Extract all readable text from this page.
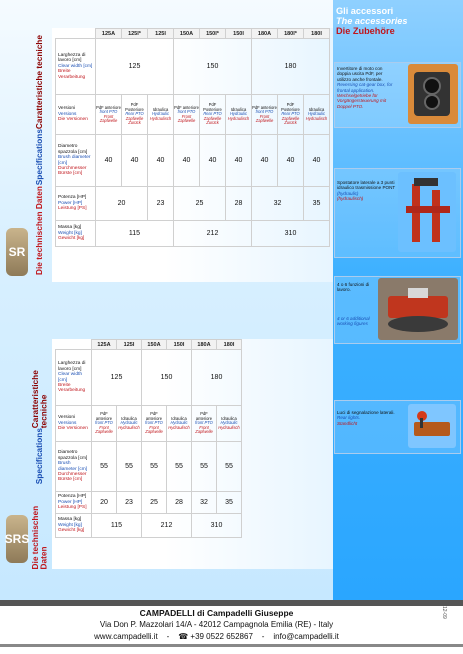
Gli accessori
The accessories
Die Zubehöre
Invertitore di moto con doppia uscita PdF, per utilizzo anche frontale.
Reversing cat-gear box, for frontal application.
Wechselgetriebe für Vorgängersteuerung mit Doppel PTO.
Spostatore laterale a 3 punti idraulico trasmissione PONT
(hydraulic)
(hydraulisch)
4 o 6 funzioni di lavoro.
4 or 6 additional working figures
Luci di segnalazione laterali.
Rear lights.
Standlicht
SR
Caratteristiche tecniche
Specifications
Die technischen Daten
	125A	125I*	125I	150A	150I*	150I	180A	180I*	180I

Larghezza di lavoro [cm]
Clear width [cm]
Breite Verarbeitung	125			150			180		

Versioni
Versions
Die Versionen	PdF anteriore
front PTO
Front Zapfwelle	PdF Posteriore
Rear PTO
Zapfwelle Zurück	Idraulica
Hydraulic
Hydraulisch	PdF anteriore
front PTO
Front Zapfwelle	PdF Posteriore
Rear PTO
Zapfwelle Zurück	Idraulica
Hydraulic
Hydraulisch	PdF anteriore
front PTO
Front Zapfwelle	PdF Posteriore
Rear PTO
Zapfwelle Zurück	Idraulica
Hydraulic
Hydraulisch

Diametro spazzola [cm]
Brush diameter [cm]
Durchmesser Bürste [cm]	40	40	40	40	40	40	40	40	40

Potenza [HP]
Power [HP]
Leistung [PS]	20		23	25		28	32		35

Massa [kg]
Weight [kg]
Gewicht [kg]	115			212			310		
SRS
Caratteristiche tecniche
Specifications
Die technischen Daten
	125A	125I	150A	150I	180A	180I

Larghezza di lavoro [cm]
Clear width [cm]
Breite Verarbeitung	125		150		180	

Versioni
Versions
Die Versionen	PdF anteriore
front PTO
Front Zapfwelle	Idraulica
Hydraulic
Hydraulisch	PdF anteriore
front PTO
Front Zapfwelle	Idraulica
Hydraulic
Hydraulisch	PdF anteriore
front PTO
Front Zapfwelle	Idraulica
Hydraulic
Hydraulisch

Diametro spazzola [cm]
Brush diameter [cm]
Durchmesser Bürste [cm]	55	55	55	55	55	55

Potenza [HP]
Power [HP]
Leistung [PS]	20	23	25	28	32	35

Massa [kg]
Weight [kg]
Gewicht [kg]	115		212		310	
CAMPADELLI di Campadelli Giuseppe
Via Don P. Mazzolari 14/A - 42012 Campagnola Emilia (RE) - Italy
www.campadelli.it    -    ☎ +39 0522 652867    -    info@campadelli.it
12-09
